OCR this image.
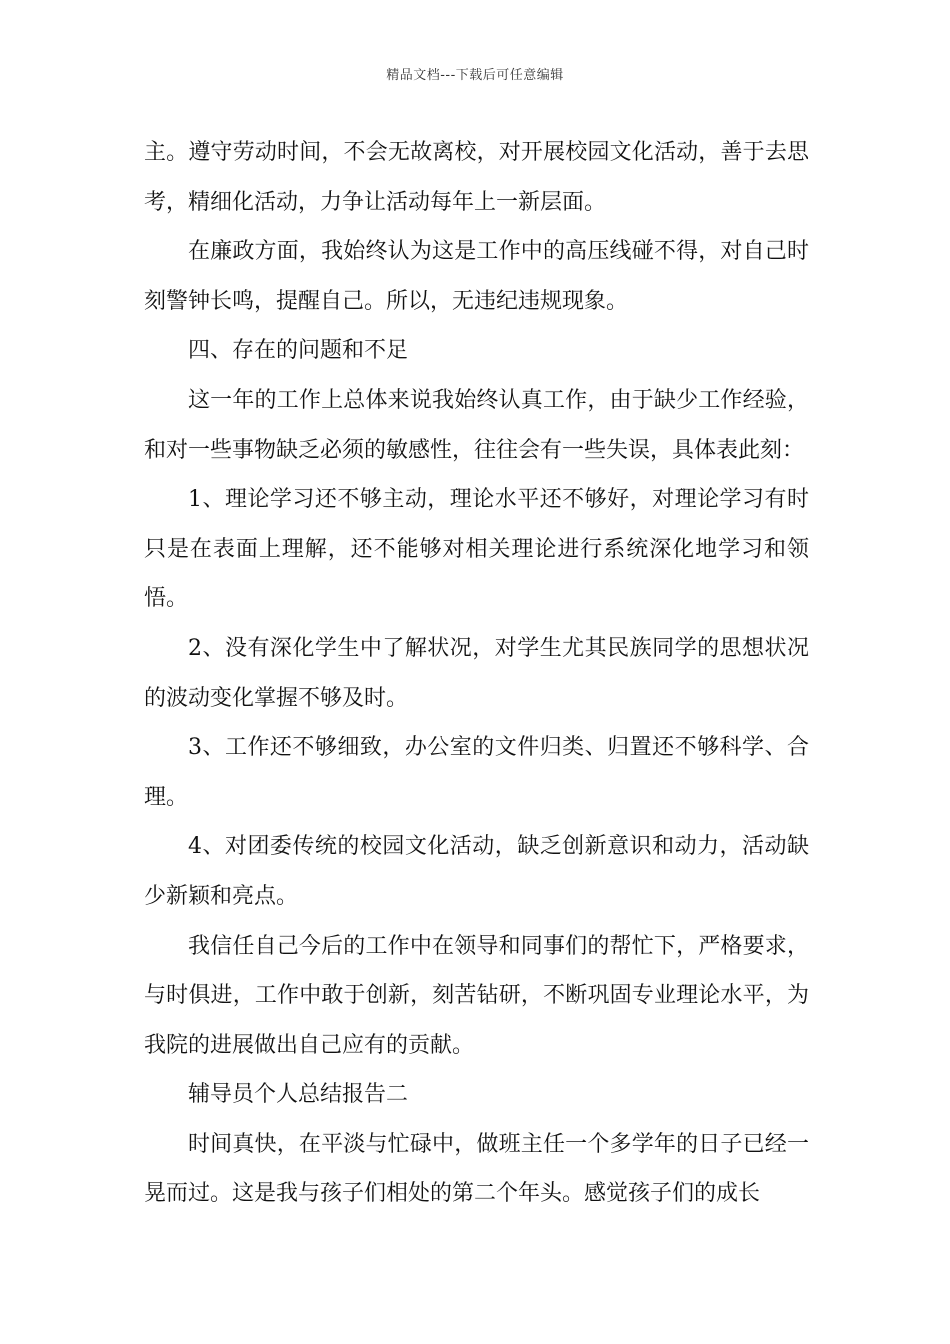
精品文档---下载后可任意编辑

主。遵守劳动时间，不会无故离校，对开展校园文化活动，善于去思考，精细化活动，力争让活动每年上一新层面。

在廉政方面，我始终认为这是工作中的高压线碰不得，对自己时刻警钟长鸣，提醒自己。所以，无违纪违规现象。

四、存在的问题和不足

这一年的工作上总体来说我始终认真工作，由于缺少工作经验，和对一些事物缺乏必须的敏感性，往往会有一些失误，具体表此刻：

1、理论学习还不够主动，理论水平还不够好，对理论学习有时只是在表面上理解，还不能够对相关理论进行系统深化地学习和领悟。

2、没有深化学生中了解状况，对学生尤其民族同学的思想状况的波动变化掌握不够及时。

3、工作还不够细致，办公室的文件归类、归置还不够科学、合理。

4、对团委传统的校园文化活动，缺乏创新意识和动力，活动缺少新颖和亮点。

我信任自己今后的工作中在领导和同事们的帮忙下，严格要求，与时俱进，工作中敢于创新，刻苦钻研，不断巩固专业理论水平，为我院的进展做出自己应有的贡献。

辅导员个人总结报告二

时间真快，在平淡与忙碌中，做班主任一个多学年的日子已经一晃而过。这是我与孩子们相处的第二个年头。感觉孩子们的成长
